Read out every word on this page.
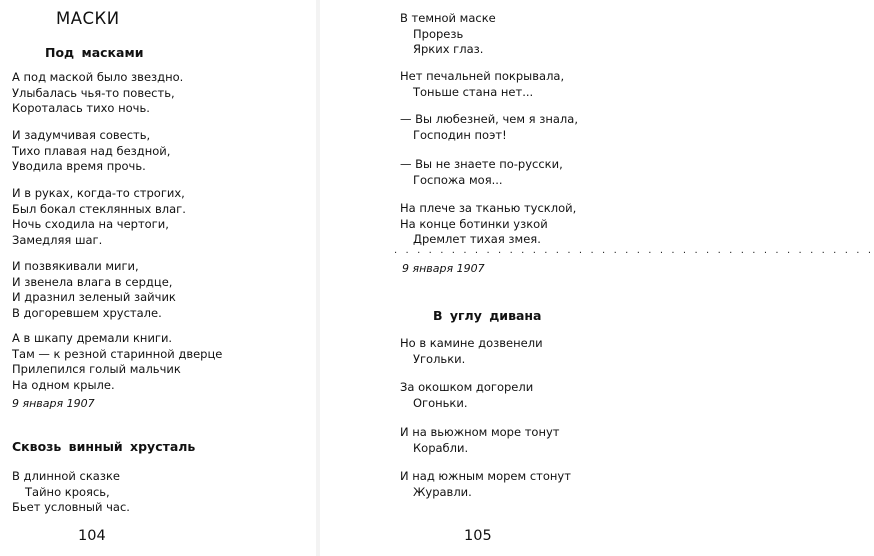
МАСКИ
Под масками
А под маской было звездно.
Улыбалась чья-то повесть,
Короталась тихо ночь.
И задумчивая совесть,
Тихо плавая над бездной,
Уводила время прочь.
И в руках, когда-то строгих,
Был бокал стеклянных влаг.
Ночь сходила на чертоги,
Замедляя шаг.
И позвякивали миги,
И звенела влага в сердце,
И дразнил зеленый зайчик
В догоревшем хрустале.
А в шкапу дремали книги.
Там — к резной старинной дверце
Прилепился голый мальчик
На одном крыле.
9 января 1907
Сквозь винный хрусталь
В длинной сказке
Тайно кроясь,
Бьет условный час.
104
В темной маске
Прорезь
Ярких глаз.
Нет печальней покрывала,
Тоньше стана нет...
— Вы любезней, чем я знала,
Господин поэт!
— Вы не знаете по-русски,
Госпожа моя...
На плече за тканью тусклой,
На конце ботинки узкой
Дремлет тихая змея.
. . . . . . . . . . . . . . . . . . . . . . . . . . . . . . . . . . . . . . . . . .
9 января 1907
В углу дивана
Но в камине дозвенели
Угольки.
За окошком догорели
Огоньки.
И на вьюжном море тонут
Корабли.
И над южным морем стонут
Журавли.
105
